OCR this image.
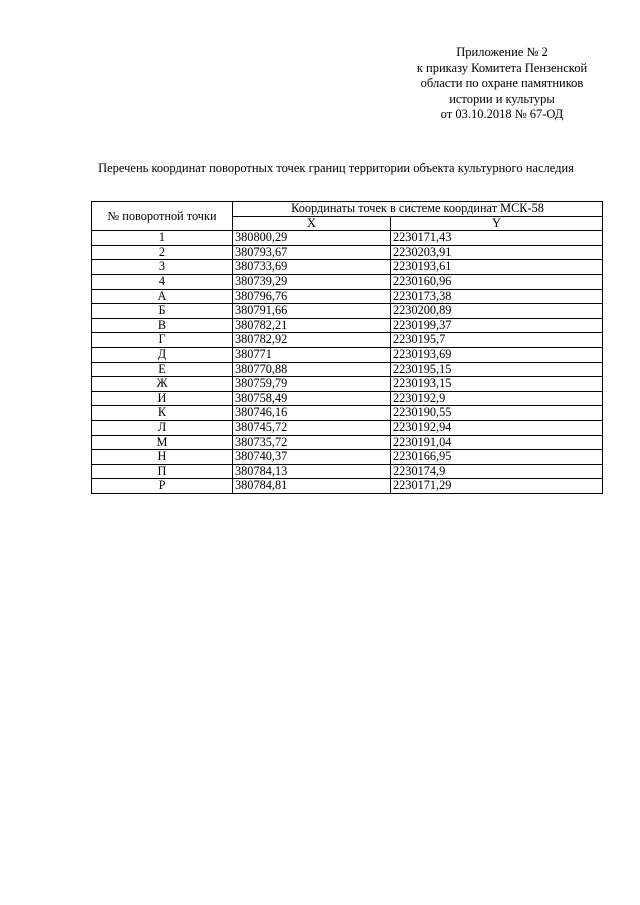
Приложение № 2
к приказу Комитета Пензенской
области по охране памятников
истории и культуры
от 03.10.2018 № 67-ОД
Перечень координат поворотных точек границ территории объекта культурного наследия
№ поворотной точки	Координаты точек в системе координат МСК-58	
	X	Y
1	380800,29	2230171,43
2	380793,67	2230203,91
3	380733,69	2230193,61
4	380739,29	2230160,96
А	380796,76	2230173,38
Б	380791,66	2230200,89
В	380782,21	2230199,37
Г	380782,92	2230195,7
Д	380771	2230193,69
Е	380770,88	2230195,15
Ж	380759,79	2230193,15
И	380758,49	2230192,9
К	380746,16	2230190,55
Л	380745,72	2230192,94
М	380735,72	2230191,04
Н	380740,37	2230166,95
П	380784,13	2230174,9
Р	380784,81	2230171,29
